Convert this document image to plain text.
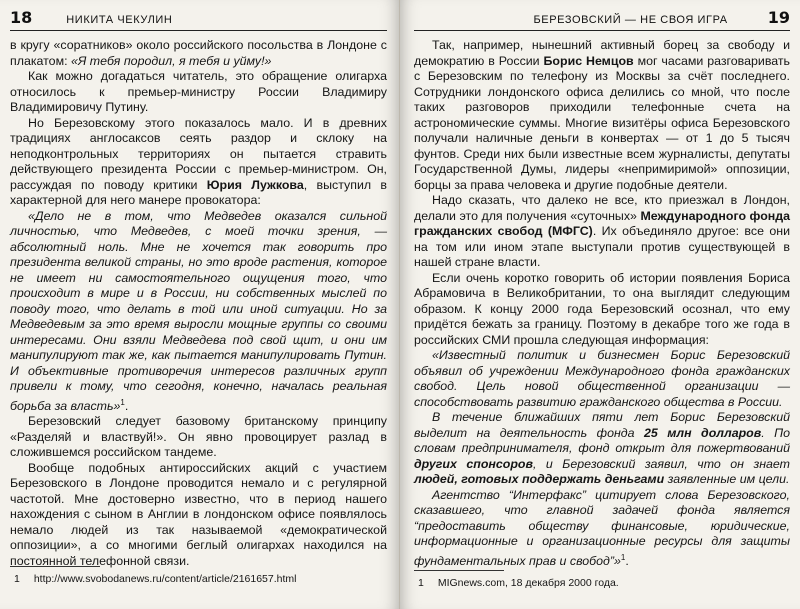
18	НИКИТА ЧЕКУЛИН

в кругу «соратников» около российского посольства в Лондоне с плакатом: «Я тебя породил, я тебя и уйму!»

Как можно догадаться читатель, это обращение олигарха относилось к премьер-министру России Владимиру Владимировичу Путину.

Но Березовскому этого показалось мало. И в древних традициях англосаксов сеять раздор и склоку на неподконтрольных территориях он пытается стравить действующего президента России с премьер-министром. Он, рассуждая по поводу критики Юрия Лужкова, выступил в характерной для него манере провокатора:

«Дело не в том, что Медведев оказался сильной личностью, что Медведев, с моей точки зрения, — абсолютный ноль. Мне не хочется так говорить про президента великой страны, но это вроде растения, которое не имеет ни самостоятельного ощущения того, что происходит в мире и в России, ни собственных мыслей по поводу того, что делать в той или иной ситуации. Но за Медведевым за это время выросли мощные группы со своими интересами. Они взяли Медведева под свой щит, и они им манипулируют так же, как пытается манипулировать Путин. И объективные противоречия интересов различных групп привели к тому, что сегодня, конечно, началась реальная борьба за власть»$^1$.

Березовский следует базовому британскому принципу «Разделяй и властвуй!». Он явно провоцирует разлад в сложившемся российском тандеме.

Вообще подобных антироссийских акций с участием Березовского в Лондоне проводится немало и с регулярной частотой. Мне достоверно известно, что в период нашего нахождения с сыном в Англии в лондонском офисе появлялось немало людей из так называемой «демократической оппозиции», а со многими беглый олигархах находился на постоянной телефонной связи.

1 http://www.svobodanews.ru/content/article/2161657.html
БЕРЕЗОВСКИЙ — НЕ СВОЯ ИГРА	19

Так, например, нынешний активный борец за свободу и демократию в России Борис Немцов мог часами разговаривать с Березовским по телефону из Москвы за счёт последнего. Сотрудники лондонского офиса делились со мной, что после таких разговоров приходили телефонные счета на астрономические суммы. Многие визитёры офиса Березовского получали наличные деньги в конвертах — от 1 до 5 тысяч фунтов. Среди них были известные всем журналисты, депутаты Государственной Думы, лидеры «непримиримой» оппозиции, борцы за права человека и другие подобные деятели.

Надо сказать, что далеко не все, кто приезжал в Лондон, делали это для получения «суточных» Международного фонда гражданских свобод (МФГС). Их объединяло другое: все они на том или ином этапе выступали против существующей в нашей стране власти.

Если очень коротко говорить об истории появления Бориса Абрамовича в Великобритании, то она выглядит следующим образом. К концу 2000 года Березовский осознал, что ему придётся бежать за границу. Поэтому в декабре того же года в российских СМИ прошла следующая информация:

«Известный политик и бизнесмен Борис Березовский объявил об учреждении Международного фонда гражданских свобод. Цель новой общественной организации — способствовать развитию гражданского общества в России.

В течение ближайших пяти лет Борис Березовский выделит на деятельность фонда 25 млн долларов. По словам предпринимателя, фонд открыт для пожертвований других спонсоров, и Березовский заявил, что он знает людей, готовых поддержать деньгами заявленные им цели.

Агентство “Интерфакс” цитирует слова Березовского, сказавшего, что главной задачей фонда является “предоставить обществу финансовые, юридические, информационные и организационные ресурсы для защиты фундаментальных прав и свобод”»$^1$.

1 MIGnews.com, 18 декабря 2000 года.
